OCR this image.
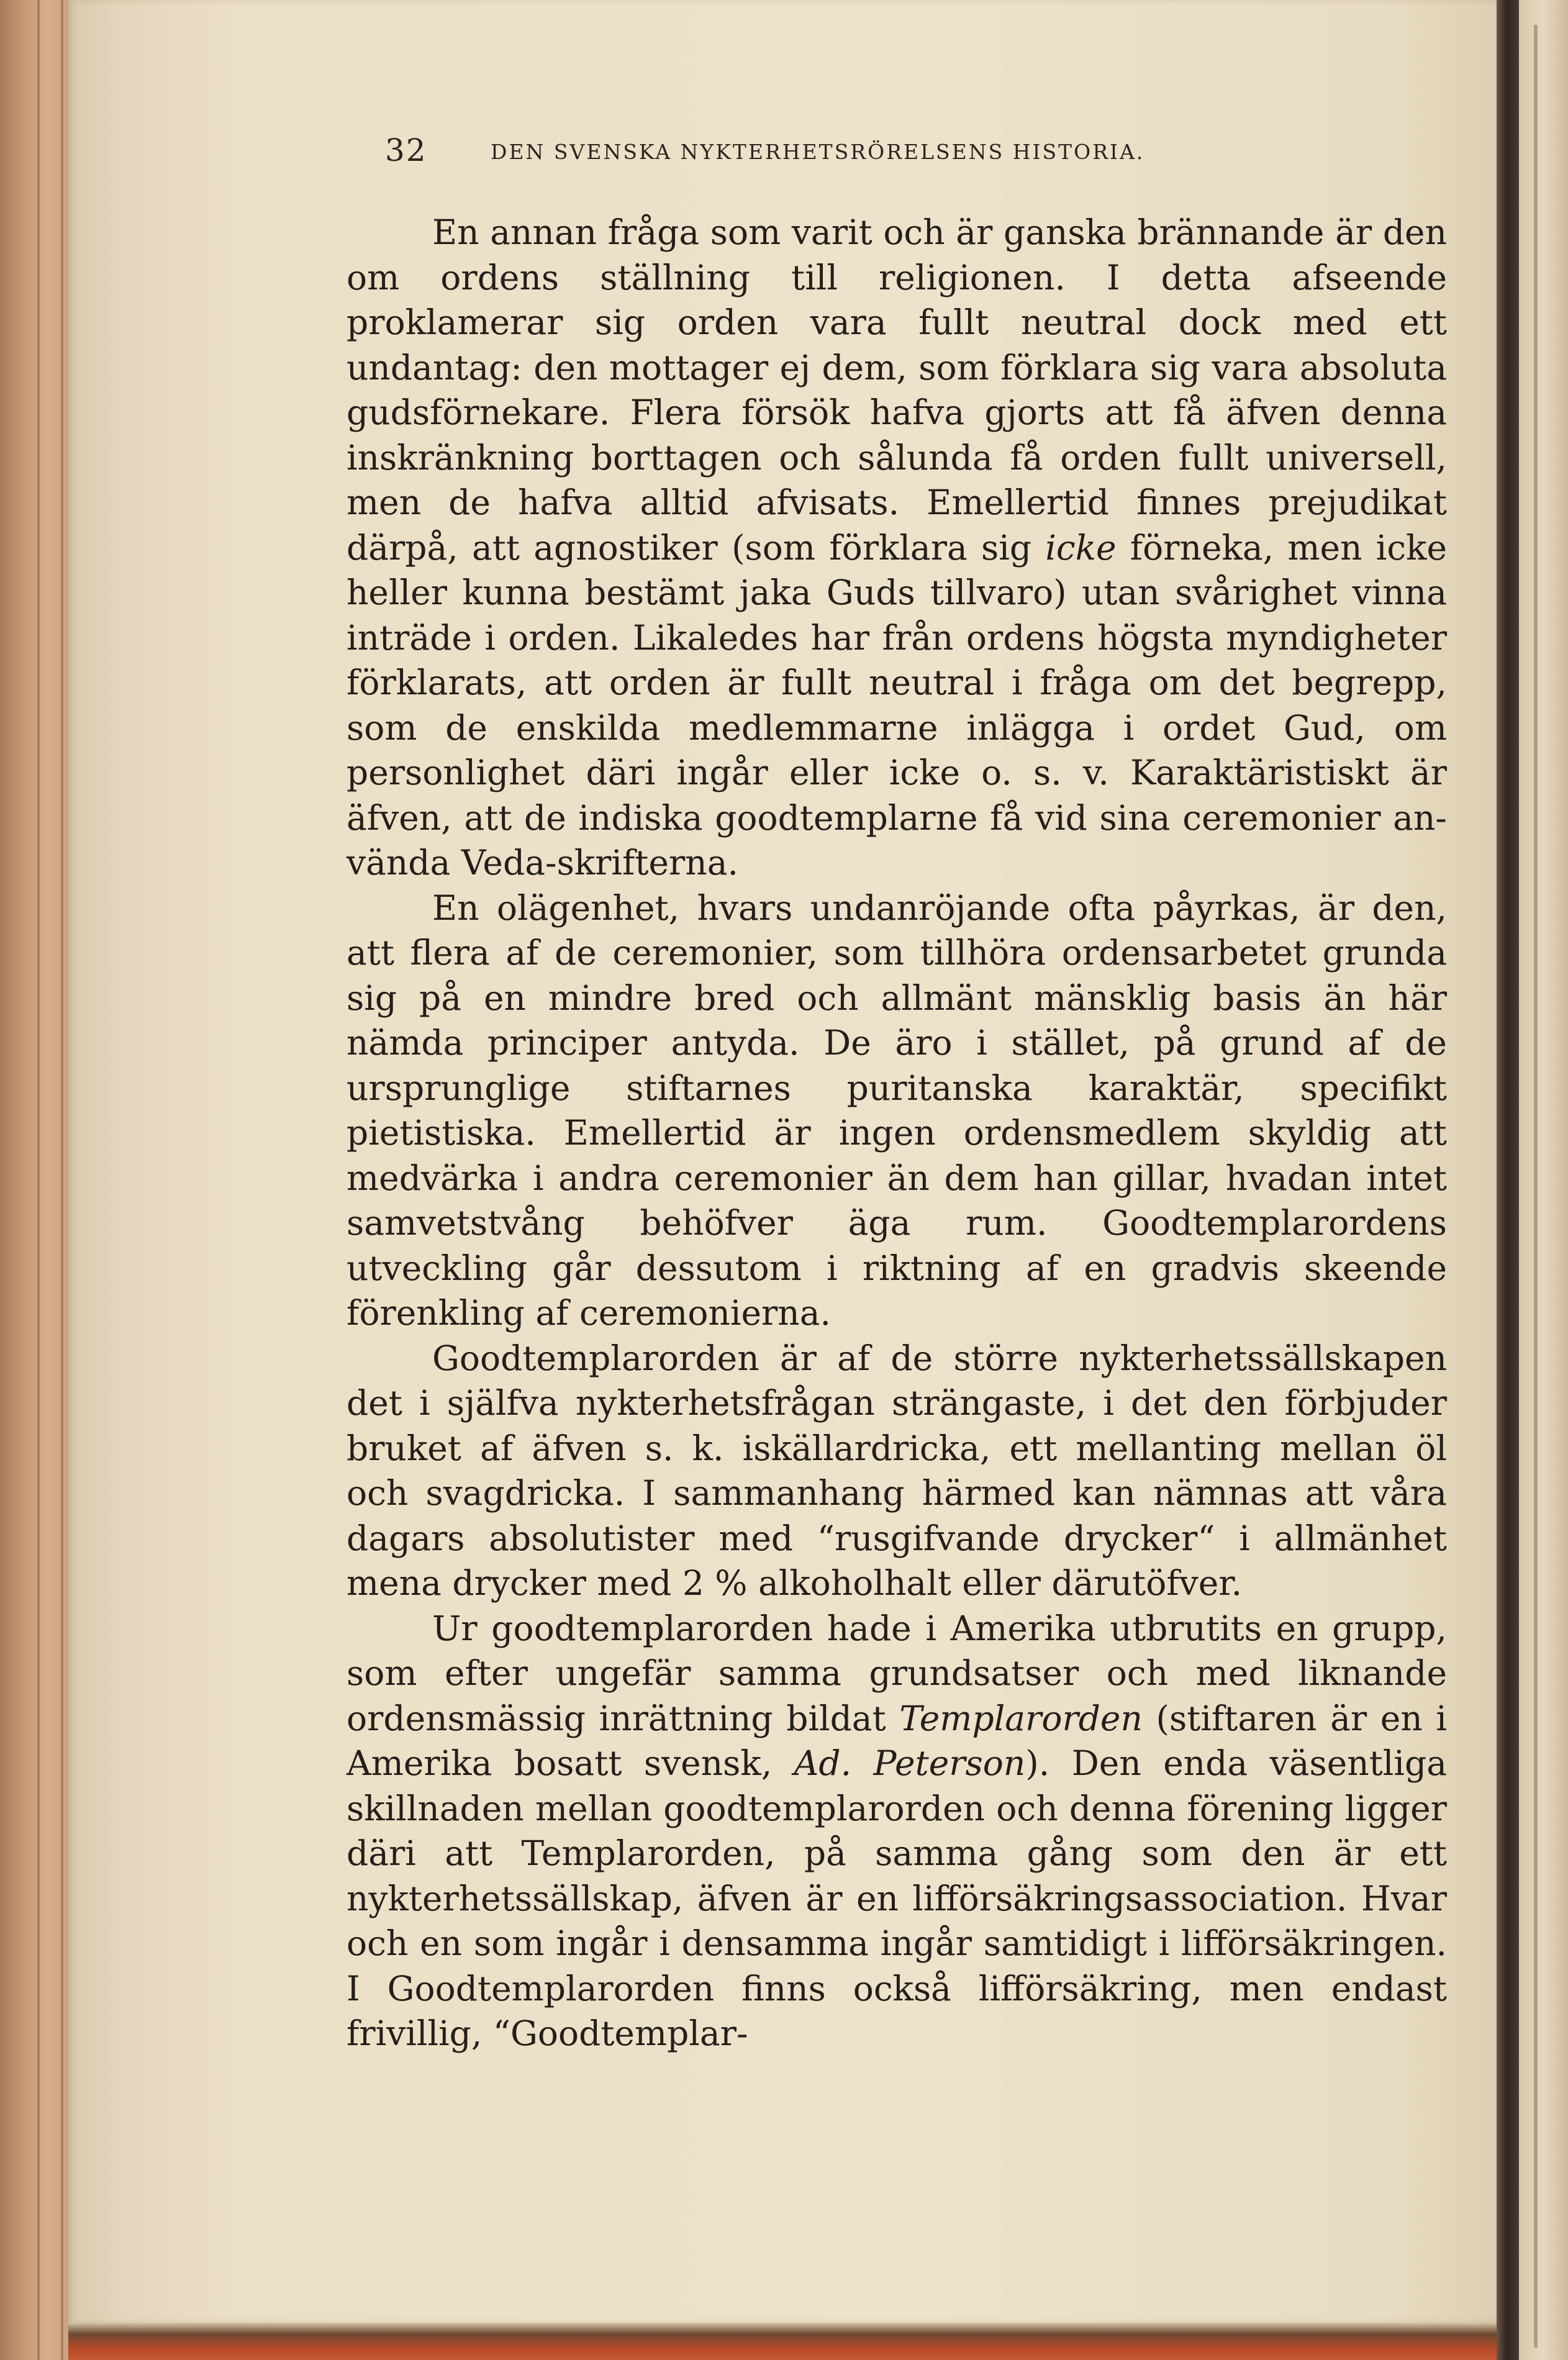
32	DEN SVENSKA NYKTERHETSRÖRELSENS HISTORIA.

En annan fråga som varit och är ganska brännande är den om ordens ställning till religionen. I detta afseende proklamerar sig orden vara fullt neutral dock med ett undantag: den mottager ej dem, som förklara sig vara absoluta gudsförnekare. Flera försök hafva gjorts att få äfven denna inskränkning borttagen och sålunda få orden fullt universell, men de hafva alltid afvisats. Emellertid finnes prejudikat därpå, att agnostiker (som förklara sig icke förneka, men icke heller kunna bestämt jaka Guds tillvaro) utan svårighet vinna inträde i orden. Likaledes har från ordens högsta myndigheter förklarats, att orden är fullt neutral i fråga om det begrepp, som de enskilda medlemmarne inlägga i ordet Gud, om personlighet däri ingår eller icke o. s. v. Karaktäristiskt är äfven, att de indiska goodtemplarne få vid sina ceremonier använda Veda-skrifterna.

En olägenhet, hvars undanröjande ofta påyrkas, är den, att flera af de ceremonier, som tillhöra ordensarbetet grunda sig på en mindre bred och allmänt mänsklig basis än här nämda principer antyda. De äro i stället, på grund af de ursprunglige stiftarnes puritanska karaktär, specifikt pietistiska. Emellertid är ingen ordensmedlem skyldig att medvärka i andra ceremonier än dem han gillar, hvadan intet samvetstvång behöfver äga rum. Goodtemplarordens utveckling går dessutom i riktning af en gradvis skeende förenkling af ceremonierna.

Goodtemplarorden är af de större nykterhetssällskapen det i själfva nykterhetsfrågan strängaste, i det den förbjuder bruket af äfven s. k. iskällardricka, ett mellanting mellan öl och svagdricka. I sammanhang härmed kan nämnas att våra dagars absolutister med “rusgifvande drycker“ i allmänhet mena drycker med 2 % alkoholhalt eller därutöfver.

Ur goodtemplarorden hade i Amerika utbrutits en grupp, som efter ungefär samma grundsatser och med liknande ordensmässig inrättning bildat Templarorden (stiftaren är en i Amerika bosatt svensk, Ad. Peterson). Den enda väsentliga skillnaden mellan goodtemplarorden och denna förening ligger däri att Templarorden, på samma gång som den är ett nykterhetssällskap, äfven är en lifförsäkringsassociation. Hvar och en som ingår i densamma ingår samtidigt i lifförsäkringen. I Goodtemplarorden finns också lifförsäkring, men endast frivillig, “Goodtemplar-
